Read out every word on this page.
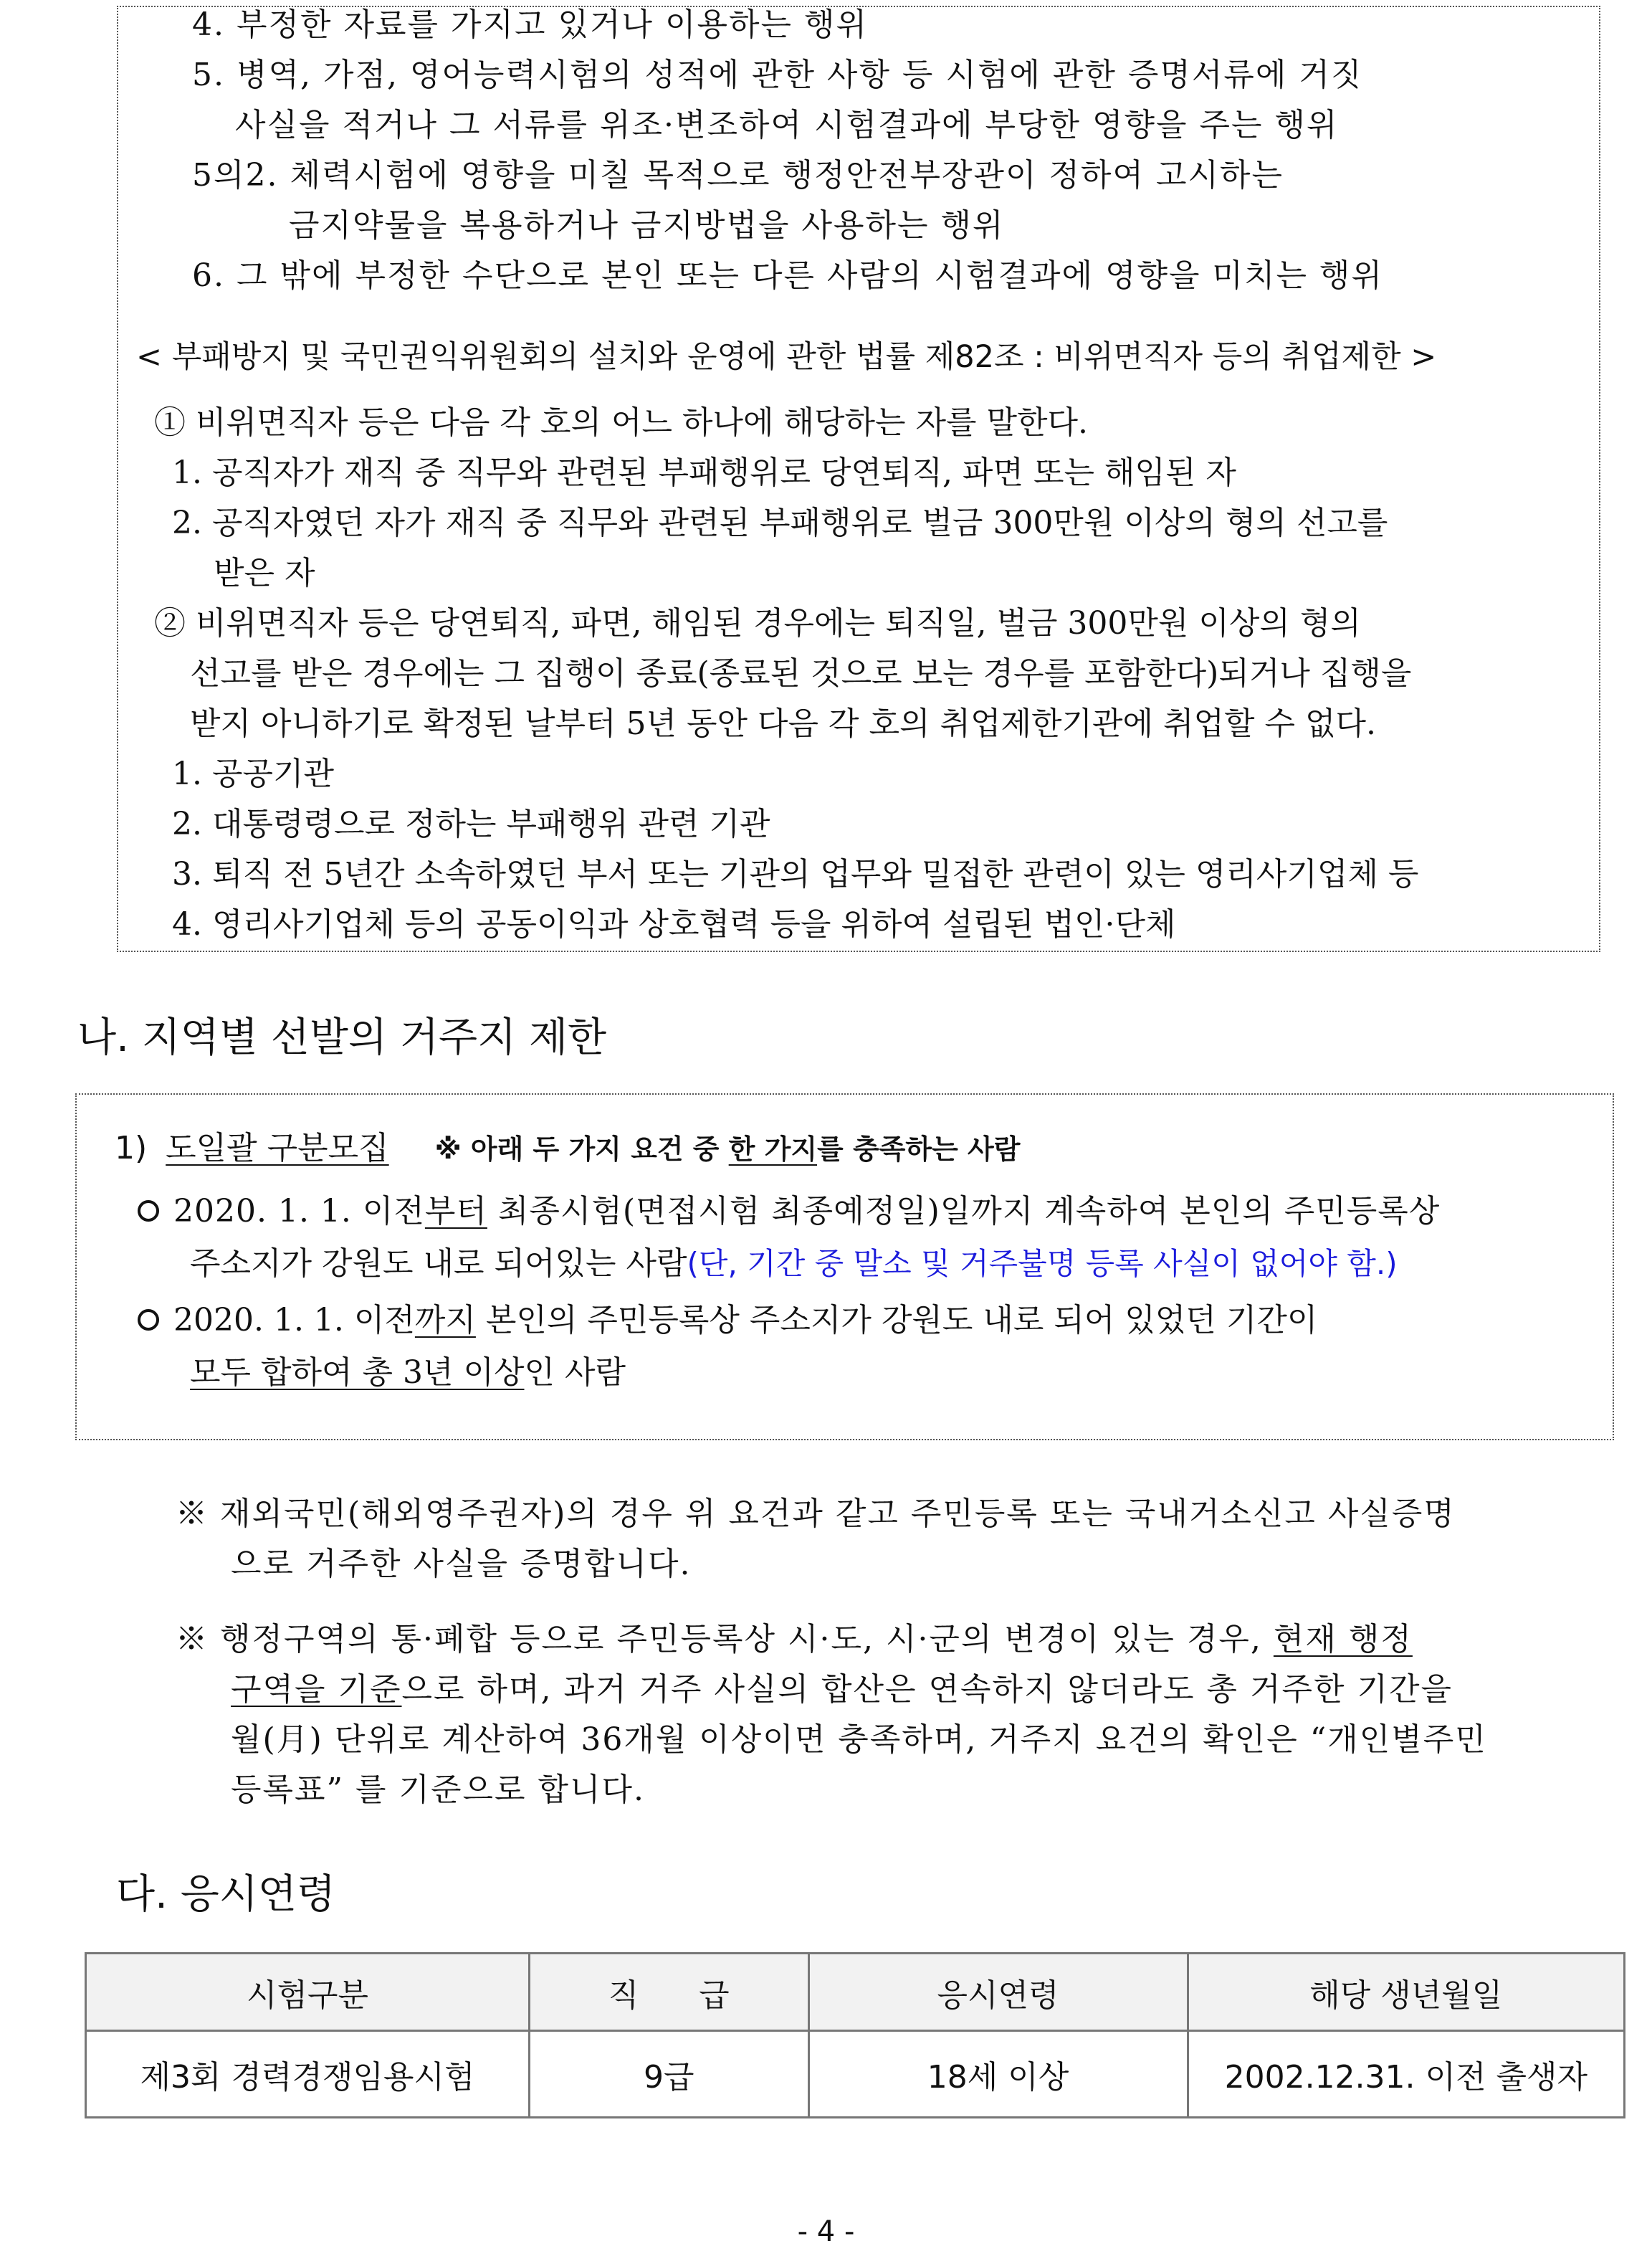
4. 부정한 자료를 가지고 있거나 이용하는 행위
5. 병역, 가점, 영어능력시험의 성적에 관한 사항 등 시험에 관한 증명서류에 거짓
사실을 적거나 그 서류를 위조·변조하여 시험결과에 부당한 영향을 주는 행위
5의2. 체력시험에 영향을 미칠 목적으로 행정안전부장관이 정하여 고시하는
금지약물을 복용하거나 금지방법을 사용하는 행위
6. 그 밖에 부정한 수단으로 본인 또는 다른 사람의 시험결과에 영향을 미치는 행위
< 부패방지 및 국민권익위원회의 설치와 운영에 관한 법률 제82조 : 비위면직자 등의 취업제한 >
① 비위면직자 등은 다음 각 호의 어느 하나에 해당하는 자를 말한다.
1. 공직자가 재직 중 직무와 관련된 부패행위로 당연퇴직, 파면 또는 해임된 자
2. 공직자였던 자가 재직 중 직무와 관련된 부패행위로 벌금 300만원 이상의 형의 선고를
받은 자
② 비위면직자 등은 당연퇴직, 파면, 해임된 경우에는 퇴직일, 벌금 300만원 이상의 형의
선고를 받은 경우에는 그 집행이 종료(종료된 것으로 보는 경우를 포함한다)되거나 집행을
받지 아니하기로 확정된 날부터 5년 동안 다음 각 호의 취업제한기관에 취업할 수 없다.
1. 공공기관
2. 대통령령으로 정하는 부패행위 관련 기관
3. 퇴직 전 5년간 소속하였던 부서 또는 기관의 업무와 밀접한 관련이 있는 영리사기업체 등
4. 영리사기업체 등의 공동이익과 상호협력 등을 위하여 설립된 법인·단체
나. 지역별 선발의 거주지 제한
1) 도일괄 구분모집 ※ 아래 두 가지 요건 중 한 가지를 충족하는 사람
2020. 1. 1. 이전부터 최종시험(면접시험 최종예정일)일까지 계속하여 본인의 주민등록상
주소지가 강원도 내로 되어있는 사람(단, 기간 중 말소 및 거주불명 등록 사실이 없어야 함.)
2020. 1. 1. 이전까지 본인의 주민등록상 주소지가 강원도 내로 되어 있었던 기간이
모두 합하여 총 3년 이상인 사람
※ 재외국민(해외영주권자)의 경우 위 요건과 같고 주민등록 또는 국내거소신고 사실증명
으로 거주한 사실을 증명합니다.
※ 행정구역의 통·폐합 등으로 주민등록상 시·도, 시·군의 변경이 있는 경우, 현재 행정
구역을 기준으로 하며, 과거 거주 사실의 합산은 연속하지 않더라도 총 거주한 기간을
월(月) 단위로 계산하여 36개월 이상이면 충족하며, 거주지 요건의 확인은 “개인별주민
등록표” 를 기준으로 합니다.
다. 응시연령
시험구분	직      급	응시연령	해당 생년월일
제3회 경력경쟁임용시험	9급	18세 이상	2002.12.31. 이전 출생자
- 4 -
